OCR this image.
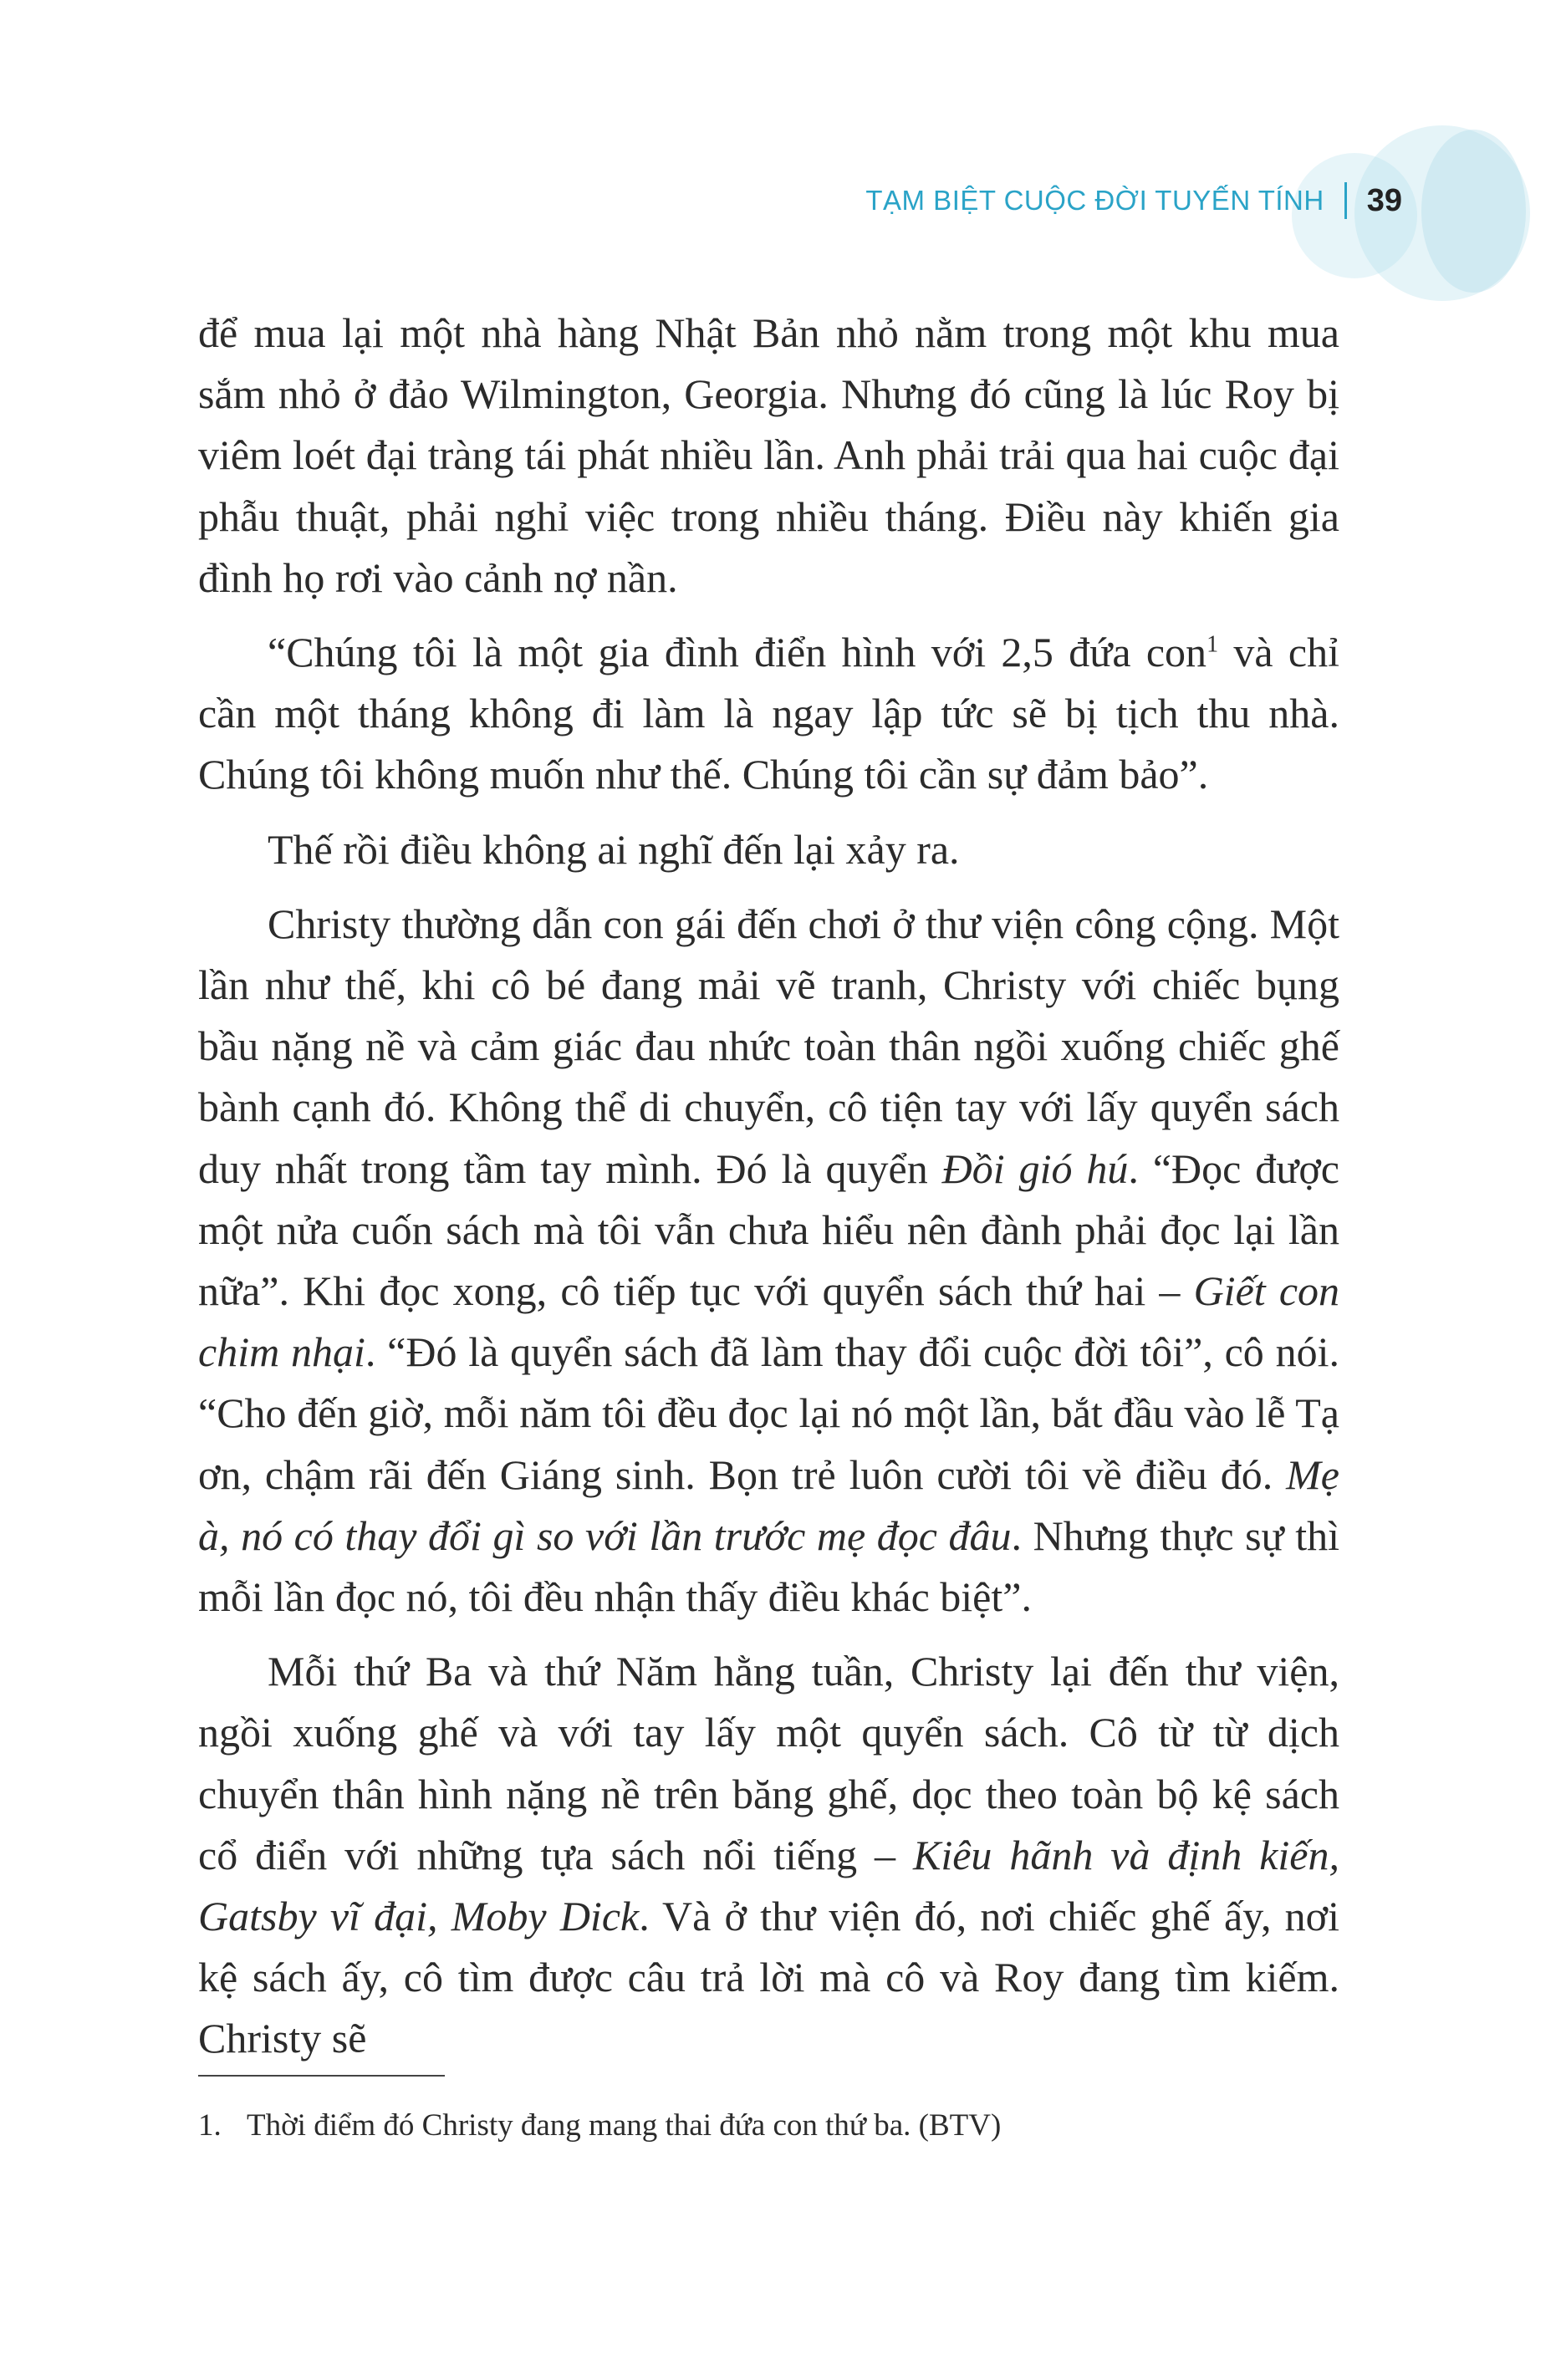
TẠM BIỆT CUỘC ĐỜI TUYẾN TÍNH 39

để mua lại một nhà hàng Nhật Bản nhỏ nằm trong một khu mua sắm nhỏ ở đảo Wilmington, Georgia. Nhưng đó cũng là lúc Roy bị viêm loét đại tràng tái phát nhiều lần. Anh phải trải qua hai cuộc đại phẫu thuật, phải nghỉ việc trong nhiều tháng. Điều này khiến gia đình họ rơi vào cảnh nợ nần.

“Chúng tôi là một gia đình điển hình với 2,5 đứa con$^1$ và chỉ cần một tháng không đi làm là ngay lập tức sẽ bị tịch thu nhà. Chúng tôi không muốn như thế. Chúng tôi cần sự đảm bảo”.

Thế rồi điều không ai nghĩ đến lại xảy ra.

Christy thường dẫn con gái đến chơi ở thư viện công cộng. Một lần như thế, khi cô bé đang mải vẽ tranh, Christy với chiếc bụng bầu nặng nề và cảm giác đau nhức toàn thân ngồi xuống chiếc ghế bành cạnh đó. Không thể di chuyển, cô tiện tay với lấy quyển sách duy nhất trong tầm tay mình. Đó là quyển Đồi gió hú. “Đọc được một nửa cuốn sách mà tôi vẫn chưa hiểu nên đành phải đọc lại lần nữa”. Khi đọc xong, cô tiếp tục với quyển sách thứ hai – Giết con chim nhại. “Đó là quyển sách đã làm thay đổi cuộc đời tôi”, cô nói. “Cho đến giờ, mỗi năm tôi đều đọc lại nó một lần, bắt đầu vào lễ Tạ ơn, chậm rãi đến Giáng sinh. Bọn trẻ luôn cười tôi về điều đó. Mẹ à, nó có thay đổi gì so với lần trước mẹ đọc đâu. Nhưng thực sự thì mỗi lần đọc nó, tôi đều nhận thấy điều khác biệt”.

Mỗi thứ Ba và thứ Năm hằng tuần, Christy lại đến thư viện, ngồi xuống ghế và với tay lấy một quyển sách. Cô từ từ dịch chuyển thân hình nặng nề trên băng ghế, dọc theo toàn bộ kệ sách cổ điển với những tựa sách nổi tiếng – Kiêu hãnh và định kiến, Gatsby vĩ đại, Moby Dick. Và ở thư viện đó, nơi chiếc ghế ấy, nơi kệ sách ấy, cô tìm được câu trả lời mà cô và Roy đang tìm kiếm. Christy sẽ

1. Thời điểm đó Christy đang mang thai đứa con thứ ba. (BTV)
